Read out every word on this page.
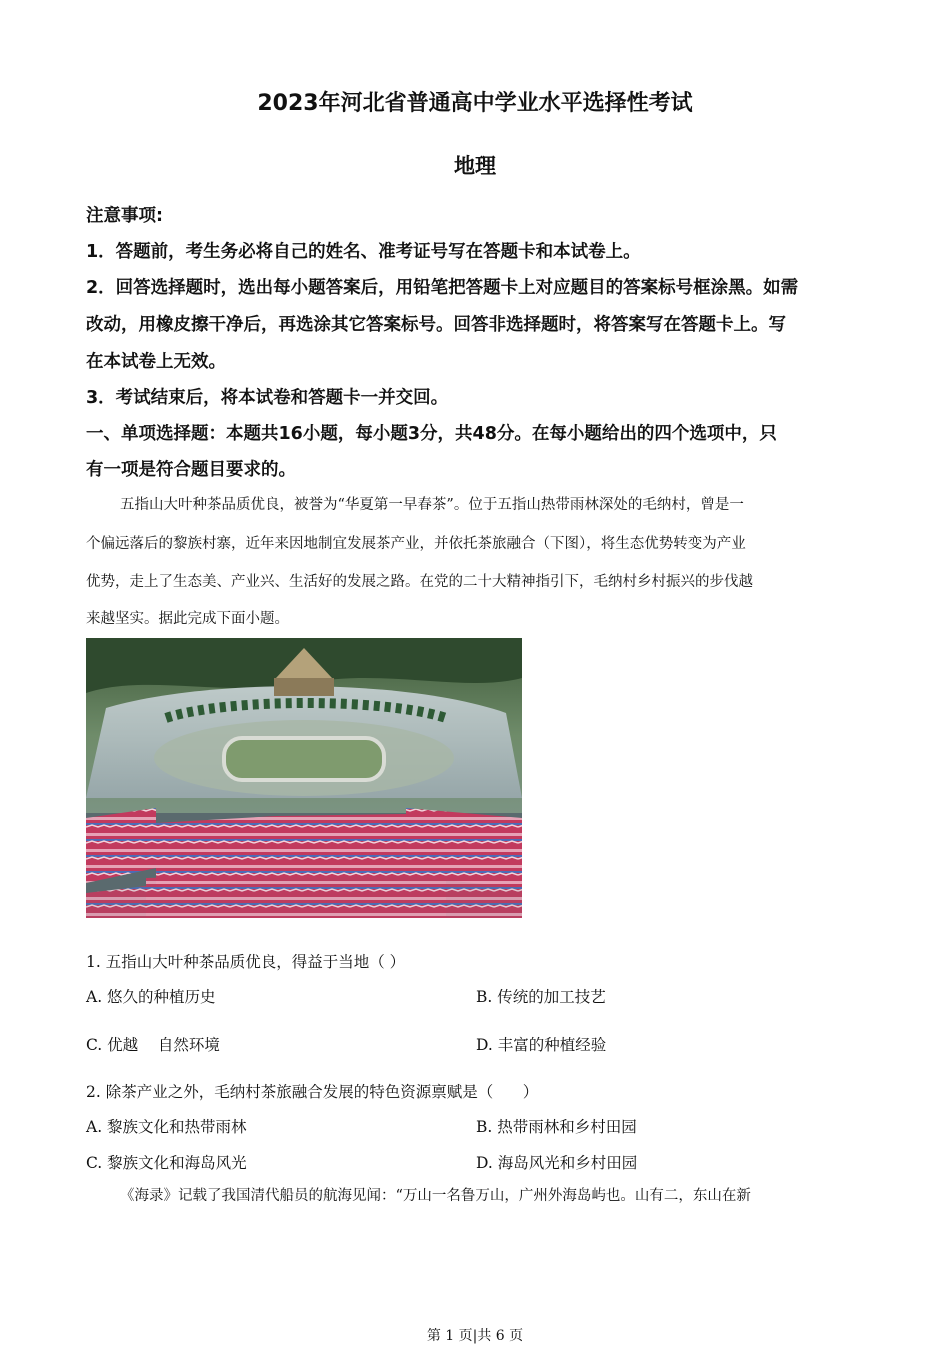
2023年河北省普通高中学业水平选择性考试
地理
注意事项:
1．答题前，考生务必将自己的姓名、准考证号写在答题卡和本试卷上。
2．回答选择题时，选出每小题答案后，用铅笔把答题卡上对应题目的答案标号框涂黑。如需
改动，用橡皮擦干净后，再选涂其它答案标号。回答非选择题时，将答案写在答题卡上。写
在本试卷上无效。
3．考试结束后，将本试卷和答题卡一并交回。
一、单项选择题：本题共16小题，每小题3分，共48分。在每小题给出的四个选项中，只
有一项是符合题目要求的。
五指山大叶种茶品质优良，被誉为“华夏第一早春茶”。位于五指山热带雨林深处的毛纳村，曾是一
个偏远落后的黎族村寨，近年来因地制宜发展茶产业，并依托茶旅融合（下图），将生态优势转变为产业
优势，走上了生态美、产业兴、生活好的发展之路。在党的二十大精神指引下，毛纳村乡村振兴的步伐越
来越坚实。据此完成下面小题。
1. 五指山大叶种茶品质优良，得益于当地（ ）
A. 悠久的种植历史	B. 传统的加工技艺
C. 优越    自然环境	D. 丰富的种植经验
2. 除茶产业之外，毛纳村茶旅融合发展的特色资源禀赋是（      ）
A. 黎族文化和热带雨林	B. 热带雨林和乡村田园
C. 黎族文化和海岛风光	D. 海岛风光和乡村田园
《海录》记载了我国清代船员的航海见闻：“万山一名鲁万山，广州外海岛屿也。山有二，东山在新
第 1 页|共 6 页
